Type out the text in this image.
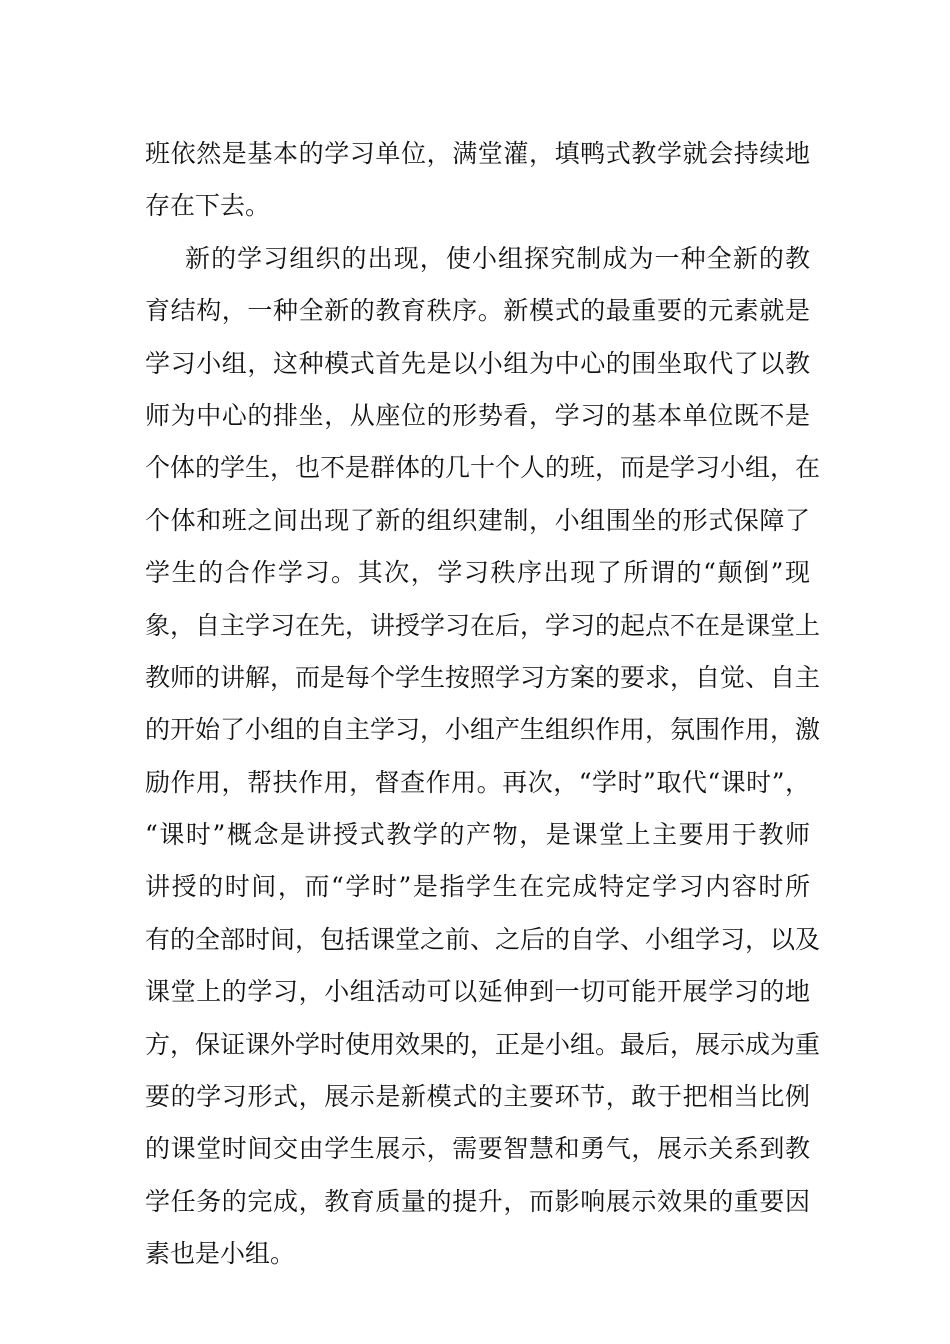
班依然是基本的学习单位，满堂灌，填鸭式教学就会持续地
存在下去。
新的学习组织的出现，使小组探究制成为一种全新的教
育结构，一种全新的教育秩序。新模式的最重要的元素就是
学习小组，这种模式首先是以小组为中心的围坐取代了以教
师为中心的排坐，从座位的形势看，学习的基本单位既不是
个体的学生，也不是群体的几十个人的班，而是学习小组，在
个体和班之间出现了新的组织建制，小组围坐的形式保障了
学生的合作学习。其次，学习秩序出现了所谓的“颠倒”现
象，自主学习在先，讲授学习在后，学习的起点不在是课堂上
教师的讲解，而是每个学生按照学习方案的要求，自觉、自主
的开始了小组的自主学习，小组产生组织作用，氛围作用，激
励作用，帮扶作用，督查作用。再次，“学时”取代“课时”，
“课时”概念是讲授式教学的产物，是课堂上主要用于教师
讲授的时间，而“学时”是指学生在完成特定学习内容时所
有的全部时间，包括课堂之前、之后的自学、小组学习，以及
课堂上的学习，小组活动可以延伸到一切可能开展学习的地
方，保证课外学时使用效果的，正是小组。最后，展示成为重
要的学习形式，展示是新模式的主要环节，敢于把相当比例
的课堂时间交由学生展示，需要智慧和勇气，展示关系到教
学任务的完成，教育质量的提升，而影响展示效果的重要因
素也是小组。
